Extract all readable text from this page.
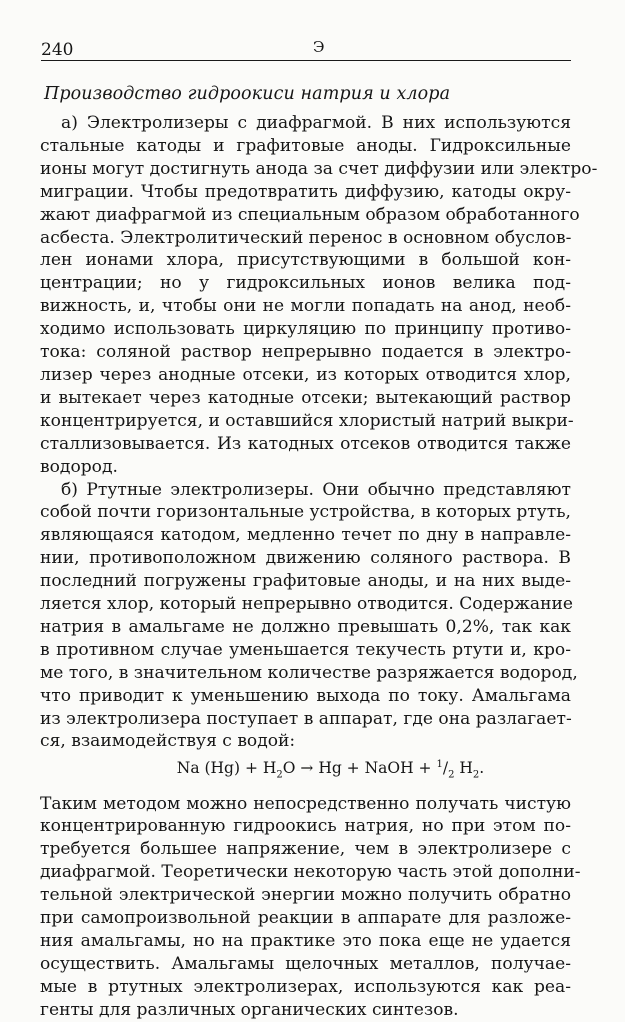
240	Э
Производство гидроокиси натрия и хлора

а) Электролизеры с диафрагмой. В них используются
стальные катоды и графитовые аноды. Гидроксильные
ионы могут достигнуть анода за счет диффузии или электро-
миграции. Чтобы предотвратить диффузию, катоды окру-
жают диафрагмой из специальным образом обработанного
асбеста. Электролитический перенос в основном обуслов-
лен ионами хлора, присутствующими в большой кон-
центрации; но у гидроксильных ионов велика под-
вижность, и, чтобы они не могли попадать на анод, необ-
ходимо использовать циркуляцию по принципу противо-
тока: соляной раствор непрерывно подается в электро-
лизер через анодные отсеки, из которых отводится хлор,
и вытекает через катодные отсеки; вытекающий раствор
концентрируется, и оставшийся хлористый натрий выкри-
сталлизовывается. Из катодных отсеков отводится также
водород.

б) Ртутные электролизеры. Они обычно представляют
собой почти горизонтальные устройства, в которых ртуть,
являющаяся катодом, медленно течет по дну в направле-
нии, противоположном движению соляного раствора. В
последний погружены графитовые аноды, и на них выде-
ляется хлор, который непрерывно отводится. Содержание
натрия в амальгаме не должно превышать 0,2%, так как
в противном случае уменьшается текучесть ртути и, кро-
ме того, в значительном количестве разряжается водород,
что приводит к уменьшению выхода по току. Амальгама
из электролизера поступает в аппарат, где она разлагает-
ся, взаимодействуя с водой:

Na $(Hg) + H_2O \to Hg$ + NaOH + $^1/_2$ $H_2$.

Таким методом можно непосредственно получать чистую
концентрированную гидроокись натрия, но при этом по-
требуется большее напряжение, чем в электролизере с
диафрагмой. Теоретически некоторую часть этой дополни-
тельной электрической энергии можно получить обратно
при самопроизвольной реакции в аппарате для разложе-
ния амальгамы, но на практике это пока еще не удается
осуществить. Амальгамы щелочных металлов, получае-
мые в ртутных электролизерах, используются как реа-
генты для различных органических синтезов.
